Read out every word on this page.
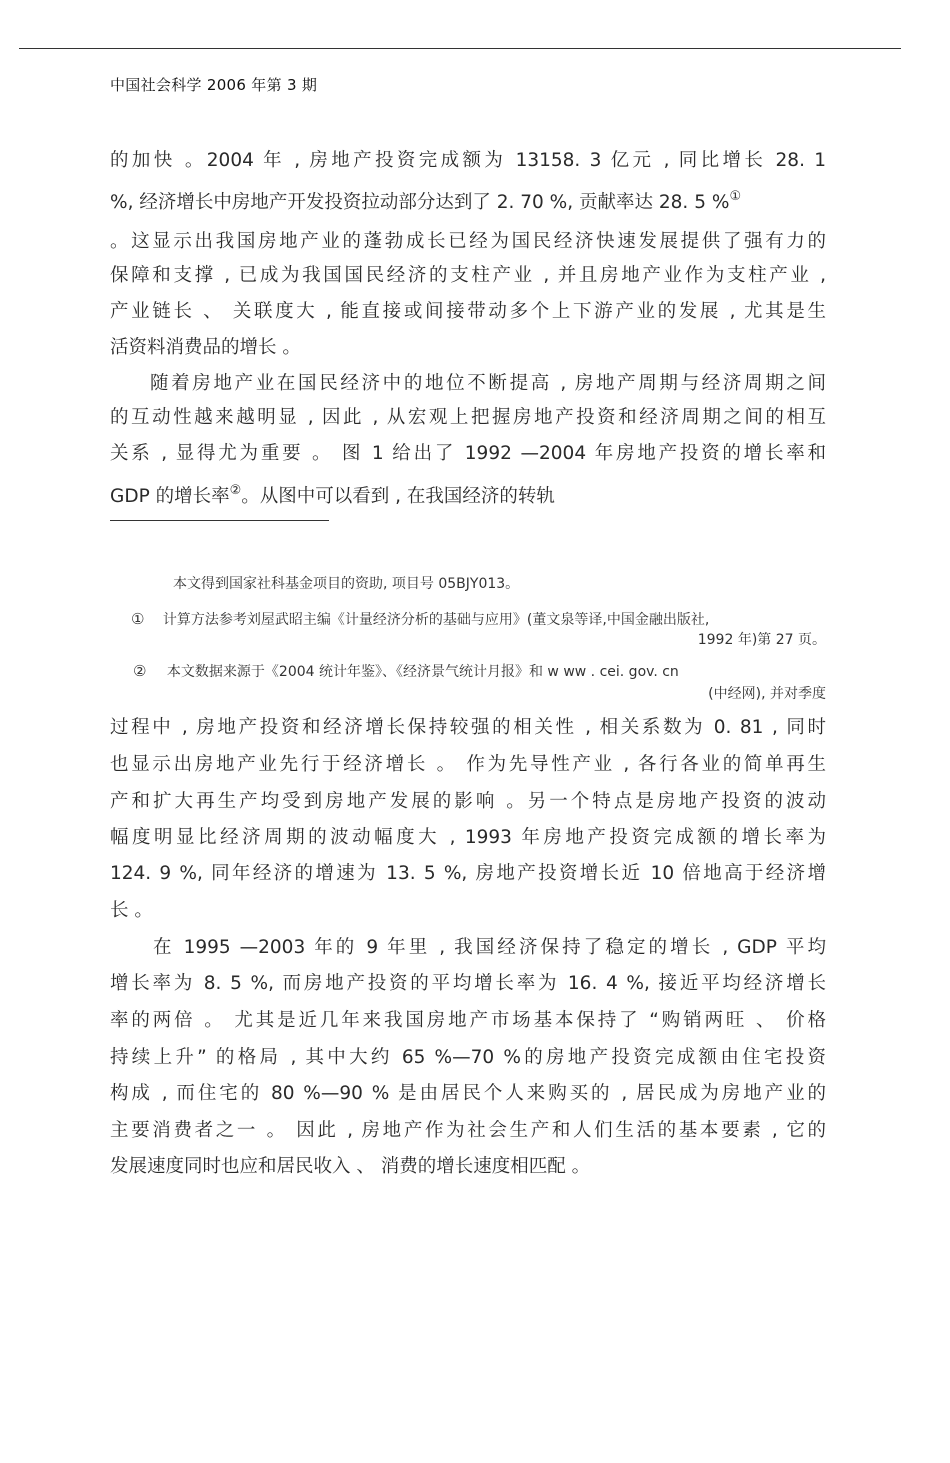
中国社会科学 2006 年第 3 期
的加快 。2004 年 , 房地产投资完成额为 13158. 3 亿元 , 同比增长 28. 1
%, 经济增长中房地产开发投资拉动部分达到了 2. 70 %, 贡献率达 28. 5 %①
。这显示出我国房地产业的蓬勃成长已经为国民经济快速发展提供了强有力的
保障和支撑 , 已成为我国国民经济的支柱产业 , 并且房地产业作为支柱产业 ,
产业链长 、 关联度大 , 能直接或间接带动多个上下游产业的发展 , 尤其是生
活资料消费品的增长 。
随着房地产业在国民经济中的地位不断提高 , 房地产周期与经济周期之间
的互动性越来越明显 , 因此 , 从宏观上把握房地产投资和经济周期之间的相互
关系 , 显得尤为重要 。 图 1 给出了 1992 —2004 年房地产投资的增长率和
GDP 的增长率②。从图中可以看到 , 在我国经济的转轨
本文得到国家社科基金项目的资助, 项目号 05BJY013。
① 计算方法参考刘屋武昭主编《计量经济分析的基础与应用》(董文泉等译,中国金融出版社,
1992 年)第 27 页。
② 本文数据来源于《2004 统计年鉴》、《经济景气统计月报》和 w ww . cei. gov. cn
(中经网), 并对季度
过程中 , 房地产投资和经济增长保持较强的相关性 , 相关系数为 0. 81 , 同时
也显示出房地产业先行于经济增长 。 作为先导性产业 , 各行各业的简单再生
产和扩大再生产均受到房地产发展的影响 。另一个特点是房地产投资的波动
幅度明显比经济周期的波动幅度大 , 1993 年房地产投资完成额的增长率为
124. 9 %, 同年经济的增速为 13. 5 %, 房地产投资增长近 10 倍地高于经济增
长 。
在 1995 —2003 年的 9 年里 , 我国经济保持了稳定的增长 , GDP 平均
增长率为 8. 5 %, 而房地产投资的平均增长率为 16. 4 %, 接近平均经济增长
率的两倍 。 尤其是近几年来我国房地产市场基本保持了 “购销两旺 、 价格
持续上升” 的格局 , 其中大约 65 %—70 %的房地产投资完成额由住宅投资
构成 , 而住宅的 80 %—90 % 是由居民个人来购买的 , 居民成为房地产业的
主要消费者之一 。 因此 , 房地产作为社会生产和人们生活的基本要素 , 它的
发展速度同时也应和居民收入 、 消费的增长速度相匹配 。
